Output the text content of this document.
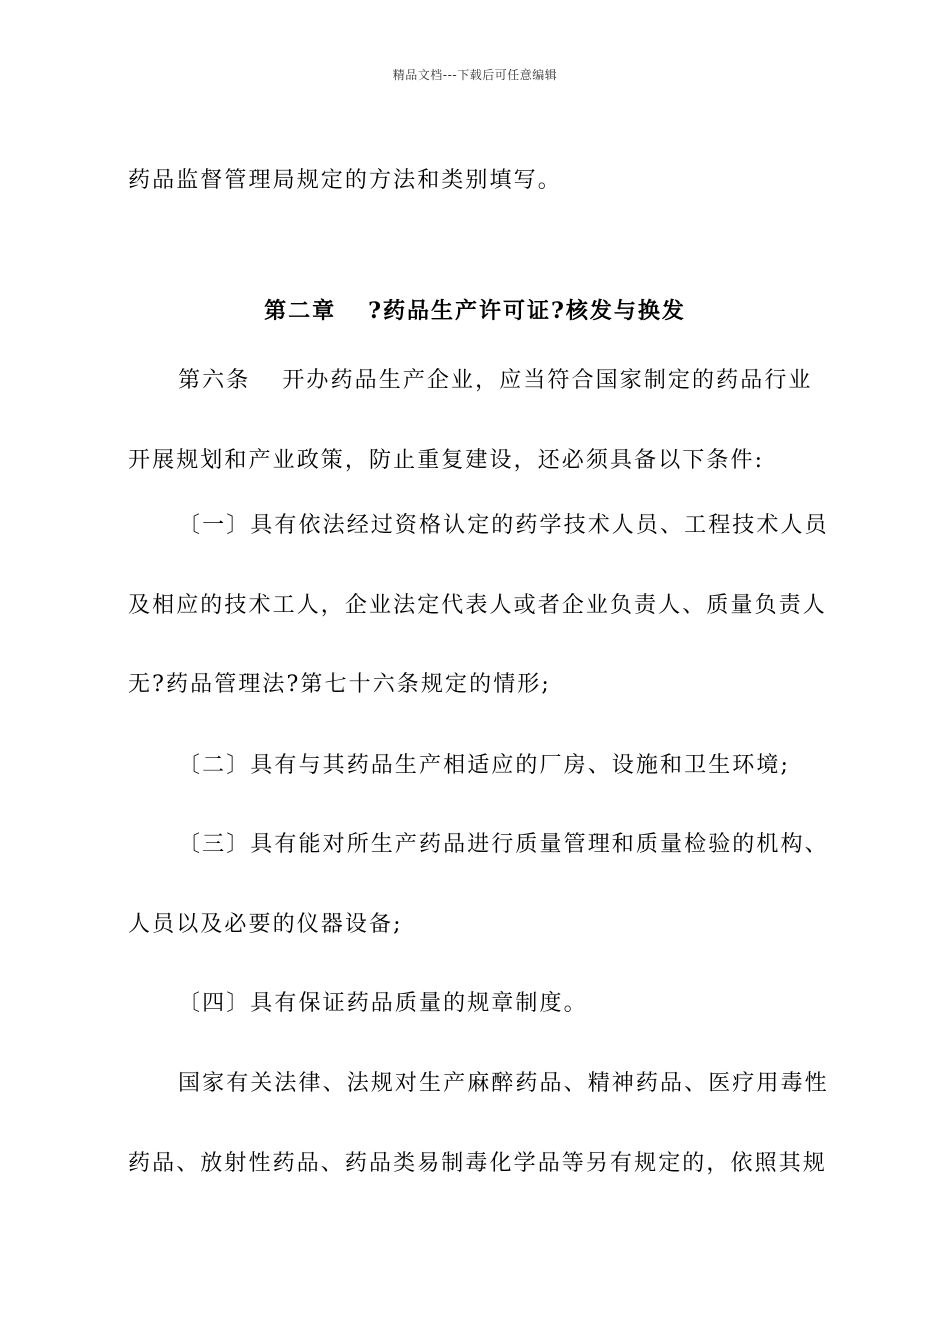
精品文档---下载后可任意编辑
药品监督管理局规定的方法和类别填写。
第二章 ?药品生产许可证?核发与换发
第六条 开办药品生产企业，应当符合国家制定的药品行业
开展规划和产业政策，防止重复建设，还必须具备以下条件:
〔一〕具有依法经过资格认定的药学技术人员、工程技术人员
及相应的技术工人，企业法定代表人或者企业负责人、质量负责人
无?药品管理法?第七十六条规定的情形;
〔二〕具有与其药品生产相适应的厂房、设施和卫生环境;
〔三〕具有能对所生产药品进行质量管理和质量检验的机构、
人员以及必要的仪器设备;
〔四〕具有保证药品质量的规章制度。
国家有关法律、法规对生产麻醉药品、精神药品、医疗用毒性
药品、放射性药品、药品类易制毒化学品等另有规定的，依照其规
